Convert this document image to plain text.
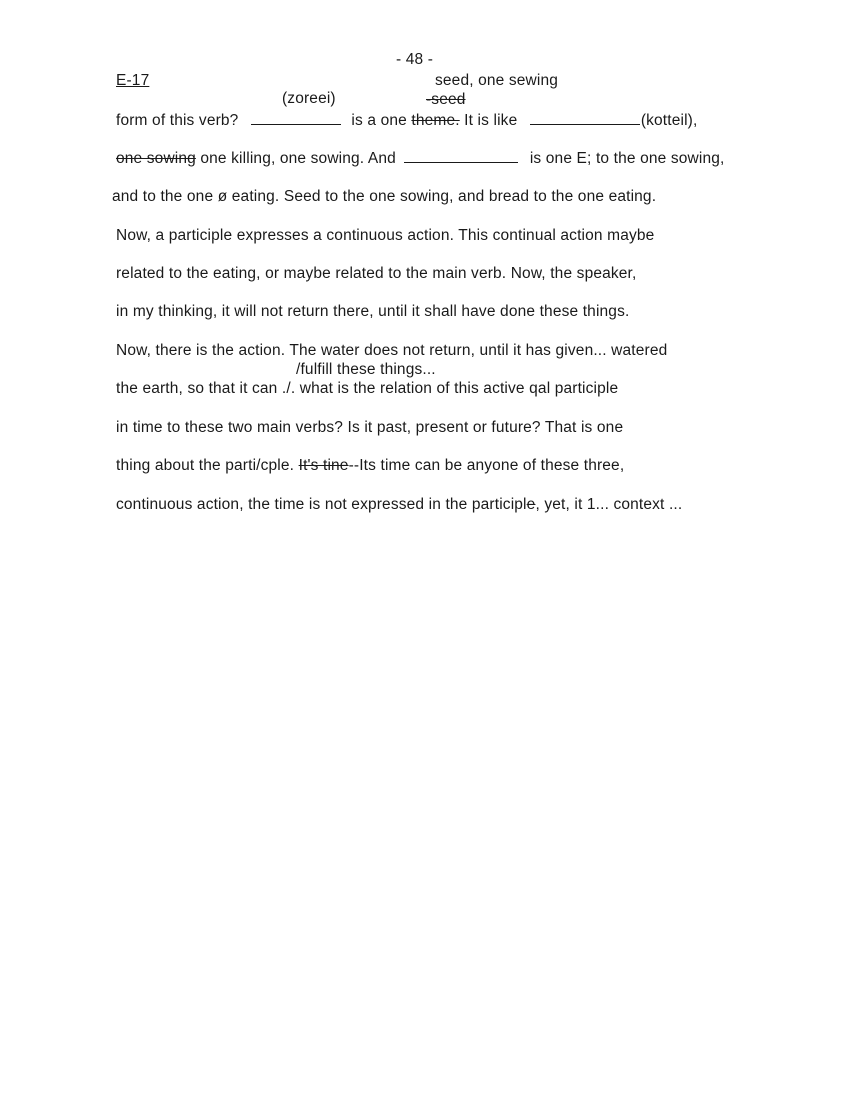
- 48 -
E-17	seed, one sewing
(zoreei)	-seed
form of this verb?	is a one theme. It is like	(kotteil),
one sowing one killing, one sowing. And	is one E; to the one sowing,
and to the one ø eating. Seed to the one sowing, and bread to the one eating.
Now, a participle expresses a continuous action. This continual action maybe
related to the eating, or maybe related to the main verb. Now, the speaker,
in my thinking, it will not return there, until it shall have done these things.
Now, there is the action. The water does not return, until it has given... watered
/fulfill these things...
the earth, so that it can ./. what is the relation of this active qal participle
in time to these two main verbs? Is it past, present or future? That is one
thing about the parti/cple. It's tine--Its time can be anyone of these three,
continuous action, the time is not expressed in the participle, yet, it 1... context ...
